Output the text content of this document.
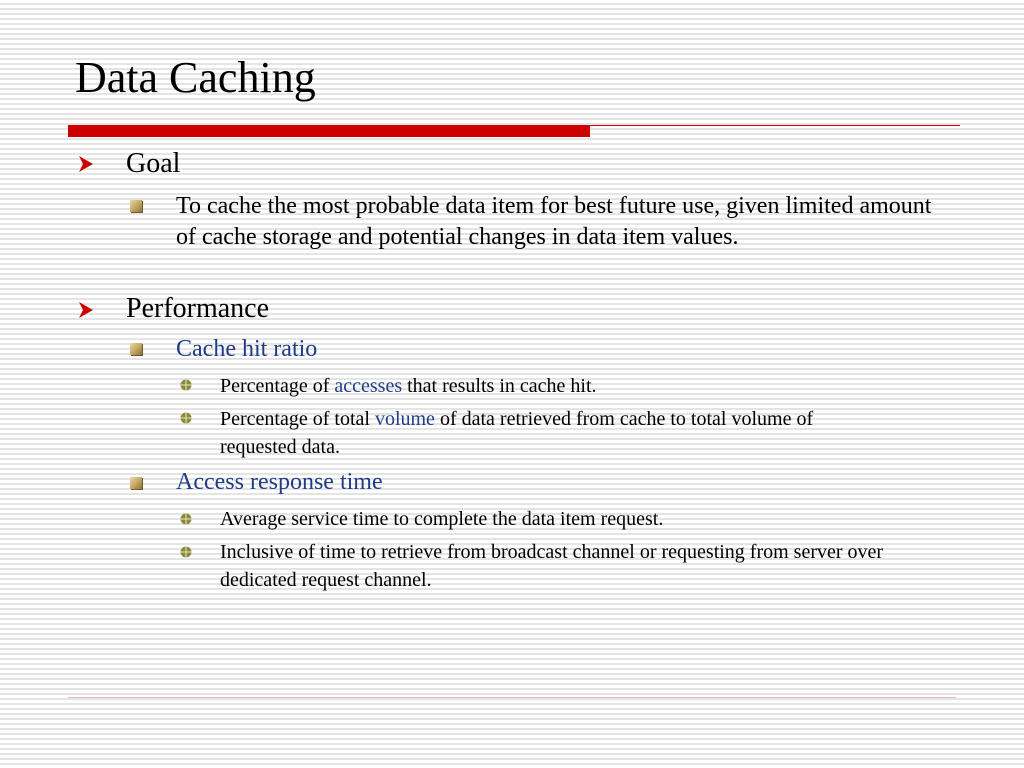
Data Caching
Goal
To cache the most probable data item for best future use, given limited amount of cache storage and potential changes in data item values.
Performance
Cache hit ratio
Percentage of accesses that results in cache hit.
Percentage of total volume of data retrieved from cache to total volume of requested data.
Access response time
Average service time to complete the data item request.
Inclusive of time to retrieve from broadcast channel or requesting from server over dedicated request channel.
